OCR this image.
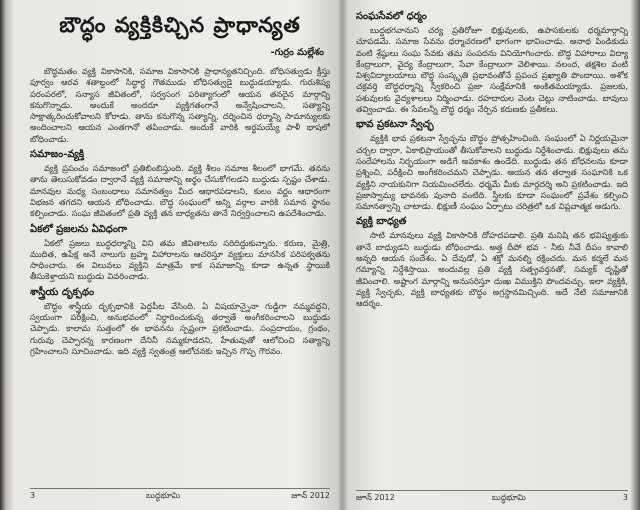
బౌద్ధం వ్యక్తికిచ్చిన ప్రాధాన్యత
-గుర్రం మల్లేశం

బౌద్ధమతం వ్యక్తి వికాసానికి, సమాజ వికాసానికి ప్రాధాన్యతనిచ్చింది. బోధిసత్వుడు క్రీస్తు పూర్వం ఆరవ శతాబ్దంలో సిద్ధార్థ గౌతముడు బోధిసత్వుడై బుద్ధుడయ్యాడు. గురుశిష్య పరంపరలో, సన్యాస జీవితంలో, సర్వసంగ పరిత్యాగంలో ఆయన తనదైన మార్గాన్ని కనుగొన్నాడు. అందుకే అందరూ వ్యక్తిగతంగానే అన్వేషించాలని, సత్యాన్ని సాక్షాత్కరించుకోవాలని కోరాడు. తాను కనుగొన్న సత్యాన్ని, దర్శించిన ధర్మాన్ని సామాన్యులకు అందించాలని ఆయన ఎంతగానో తపించాడు. అందుకే వారికి అర్థమయ్యే పాళీ భాషలో బోధించాడు.

సమాజం-వ్యక్తి

వ్యక్తి ప్రపంచం సమాజంలో ప్రతిబింబిస్తుంది. వ్యక్తి శీలం సమాజ శీలంలో భాగమే. తనను తాను తెలుసుకోవడం ద్వారానే వ్యక్తి సమాజాన్ని అర్థం చేసుకోగలడని బుద్ధుడు స్పష్టం చేశాడు. మానవుల మధ్య సంబంధాలు సమానత్వం మీద ఆధారపడాలని, కులం వర్ణం ఆధారంగా విభజన తగదని ఆయన బోధించాడు. బౌద్ధ సంఘంలో అన్ని వర్గాల వారికి సమాన స్థానం కల్పించాడు. సంఘ జీవితంలో ప్రతి వ్యక్తి తన బాధ్యతను తానే నిర్వర్తించాలని ఉపదేశించాడు.

ఏకలో ప్రజలను ఏవిధంగా

ఏకలో ప్రజలు బుద్ధధర్మాన్ని విని తమ జీవితాలను సరిదిద్దుకున్నారు. కరుణ, మైత్రి, ముదిత, ఉపేక్ష అనే నాలుగు బ్రహ్మ విహారాలను ఆచరిస్తూ వ్యక్తులు మానసిక పరిపక్వతను సాధించారు. ఈ విలువలు వ్యక్తిని మాత్రమే కాక సమాజాన్ని కూడా ఉన్నత స్థాయికి తీసుకెళ్తాయని బుద్ధుడు వివరించాడు.

శాస్త్రీయ దృక్పథం

బౌద్ధం శాస్త్రీయ దృక్పథానికి పెద్దపీట వేసింది. ఏ విషయాన్నైనా గుడ్డిగా నమ్మవద్దని, స్వయంగా పరీక్షించి, అనుభవంలో నిర్ధారించుకున్న తర్వాతే అంగీకరించాలని బుద్ధుడు చెప్పాడు. కాలామ సుత్తంలో ఈ భావనను స్పష్టంగా ప్రకటించాడు. సంప్రదాయం, గ్రంథం, గురువు చెప్పారన్న కారణంగా దేనినీ నమ్మకూడదని, హేతువుతో ఆలోచించి సత్యాన్ని గ్రహించాలని సూచించాడు. ఇది వ్యక్తి స్వతంత్ర ఆలోచనకు ఇచ్చిన గొప్ప గౌరవం.

3	బుద్ధభూమి	జూన్ 2012
సంఘసేవలో ధర్మం

బుద్ధభగవానుని చర్య ప్రతిరోజూ భిక్షువులకు, ఉపాసకులకు ధర్మమార్గాన్ని చూపడమే. సమాజ సేవను ధర్మాచరణలో భాగంగా భావించాడు. అనాథ పిండికుడు వంటి శ్రేష్ఠులు సంఘ సేవకు తమ సంపదను వినియోగించారు. బౌద్ధ విహారాలు విద్యా కేంద్రాలుగా, వైద్య కేంద్రాలుగా, సేవా కేంద్రాలుగా వెలిశాయి. నలంద, తక్షశిల వంటి విశ్వవిద్యాలయాలు బౌద్ధ సంస్కృతి ప్రభావంతోనే ప్రపంచ ప్రఖ్యాతి పొందాయి. అశోక చక్రవర్తి బౌద్ధధర్మాన్ని స్వీకరించి ప్రజా సంక్షేమానికి అంకితమయ్యాడు. ప్రజలకు, పశువులకు వైద్యశాలలు నిర్మించాడు. రహదారుల వెంట చెట్లు నాటించాడు. బావులు తవ్వించాడు. ఈ సేవలన్నీ బౌద్ధ ధర్మం నేర్పిన కరుణకు ప్రతీకలు.

భావ ప్రకటనా స్వేచ్ఛ

వ్యక్తికి భావ ప్రకటనా స్వేచ్ఛను బౌద్ధం ప్రోత్సహించింది. సంఘంలో ఏ నిర్ణయమైనా చర్చల ద్వారా, ఏకాభిప్రాయంతో తీసుకోవాలని బుద్ధుడు నిర్దేశించాడు. భిక్షువులు తమ సందేహాలను నిర్భయంగా అడిగే అవకాశం ఉండేది. బుద్ధుడు తన బోధనలను కూడా ప్రశ్నించి, పరీక్షించి అంగీకరించమని చెప్పాడు. ఆయన తన తర్వాత సంఘానికి ఒక వ్యక్తిని నాయకునిగా నియమించలేదు. ధర్మమే మీకు మార్గదర్శి అని ప్రకటించాడు. ఇది ప్రజాస్వామ్య భావనకు పునాది వంటిది. స్త్రీలకు కూడా సంఘంలో ప్రవేశం కల్పించి సమానత్వాన్ని చాటాడు. భిక్షుణీ సంఘం ఏర్పాటు చరిత్రలో ఒక విప్లవాత్మక అడుగు.

వ్యక్తి బాధ్యత

సాటి మానవులు వ్యక్తి వికాసానికి దోహదపడాలి. ప్రతి మనిషి తన భవిష్యత్తుకు తానే బాధ్యుడని బుద్ధుడు బోధించాడు. అత్త దీపో భవ - నీకు నీవే దీపం కావాలి అన్నది ఆయన సందేశం. ఏ దేవుడో, ఏ శక్తో మనల్ని రక్షించదు. మన కర్మలే మన గమ్యాన్ని నిర్దేశిస్తాయి. అందువల్ల ప్రతి వ్యక్తి సత్ప్రవర్తనతో, సమ్యక్ దృష్టితో జీవించాలి. అష్టాంగ మార్గాన్ని అనుసరిస్తూ దుఃఖ విముక్తిని పొందవచ్చు. ఇలా వ్యక్తికి, వ్యక్తి స్వేచ్ఛకు, వ్యక్తి బాధ్యతకు బౌద్ధం అగ్రస్థానమిచ్చింది. అదే నేటి సమాజానికి ఆదర్శం.

జూన్ 2012	బుద్ధభూమి	3
